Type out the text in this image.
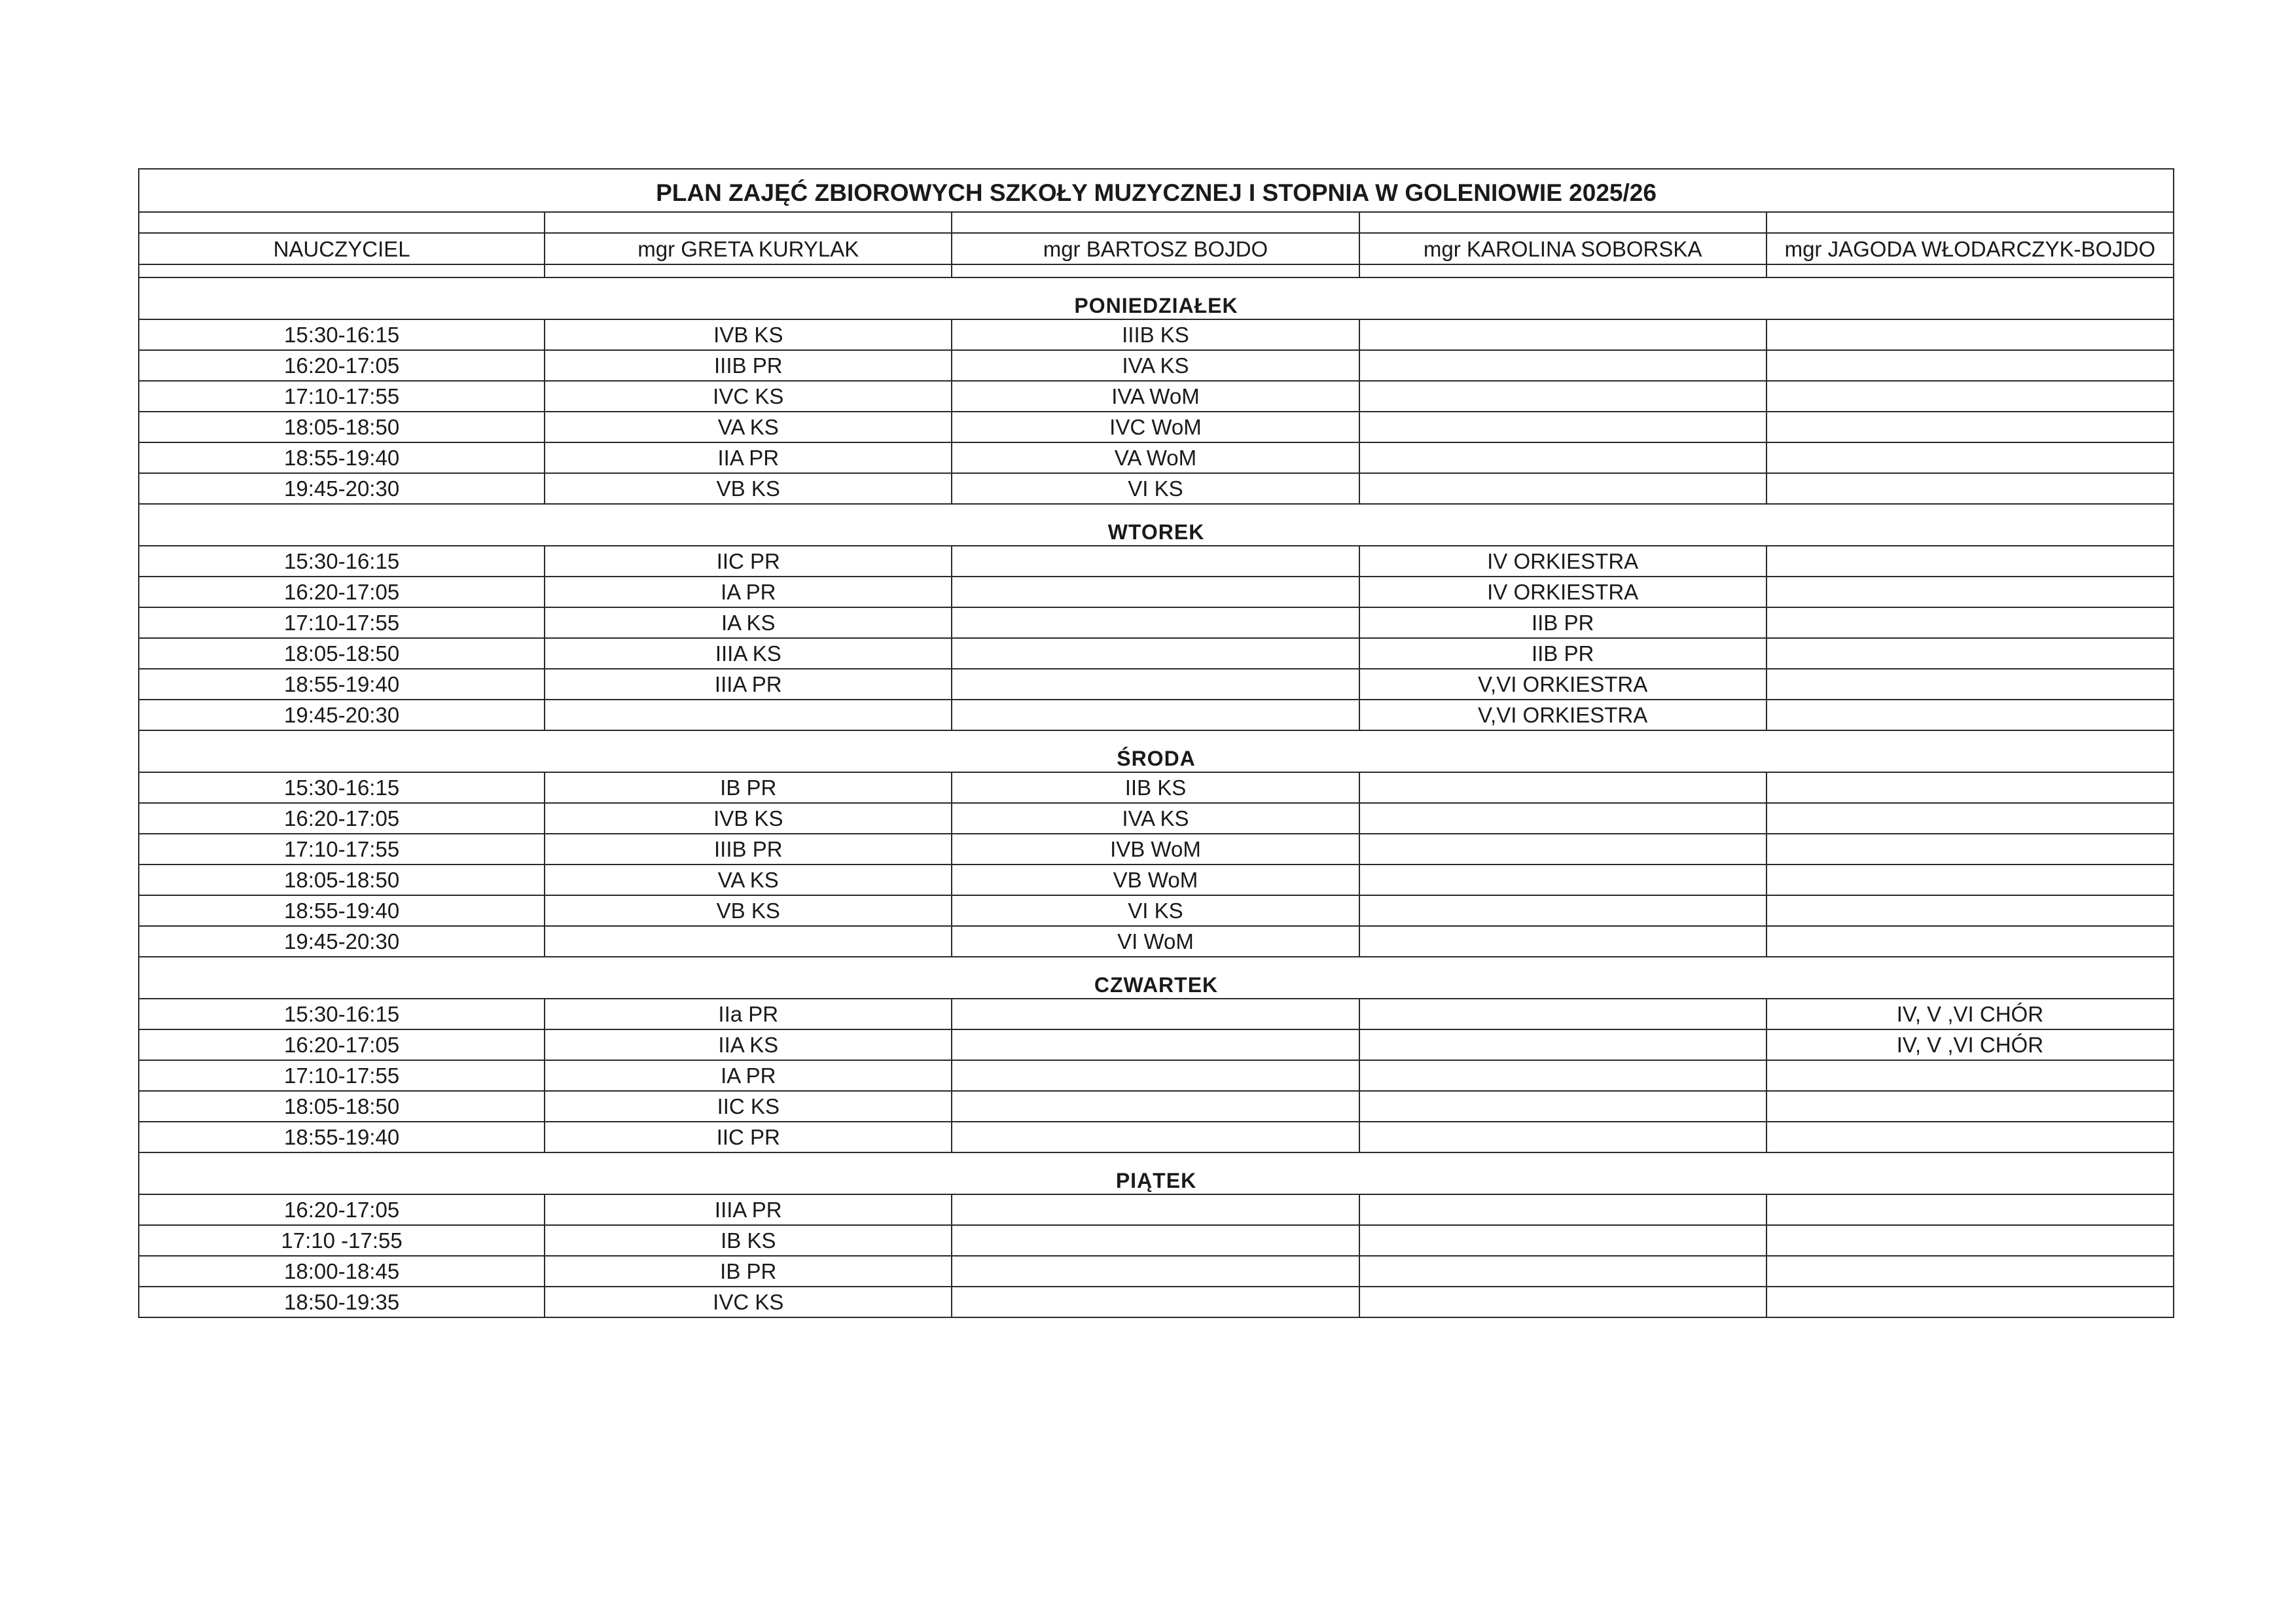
PLAN ZAJĘĆ ZBIOROWYCH SZKOŁY MUZYCZNEJ I STOPNIA W GOLENIOWIE 2025/26				

NAUCZYCIEL	mgr GRETA KURYLAK	mgr BARTOSZ BOJDO	mgr KAROLINA SOBORSKA	mgr JAGODA WŁODARCZYK-BOJDO

PONIEDZIAŁEK				
15:30-16:15	IVB KS	IIIB KS		
16:20-17:05	IIIB PR	IVA KS		
17:10-17:55	IVC KS	IVA WoM		
18:05-18:50	VA KS	IVC WoM		
18:55-19:40	IIA PR	VA WoM		
19:45-20:30	VB KS	VI KS		
WTOREK				
15:30-16:15	IIC PR		IV ORKIESTRA	
16:20-17:05	IA PR		IV ORKIESTRA	
17:10-17:55	IA KS		IIB PR	
18:05-18:50	IIIA KS		IIB PR	
18:55-19:40	IIIA PR		V,VI ORKIESTRA	
19:45-20:30			V,VI ORKIESTRA	
ŚRODA				
15:30-16:15	IB PR	IIB KS		
16:20-17:05	IVB KS	IVA KS		
17:10-17:55	IIIB PR	IVB WoM		
18:05-18:50	VA KS	VB WoM		
18:55-19:40	VB KS	VI KS		
19:45-20:30		VI WoM		
CZWARTEK				
15:30-16:15	IIa PR			IV, V ,VI CHÓR
16:20-17:05	IIA KS			IV, V ,VI CHÓR
17:10-17:55	IA PR			
18:05-18:50	IIC KS			
18:55-19:40	IIC PR			
PIĄTEK				
16:20-17:05	IIIA PR			
17:10 -17:55	IB KS			
18:00-18:45	IB PR			
18:50-19:35	IVC KS			
